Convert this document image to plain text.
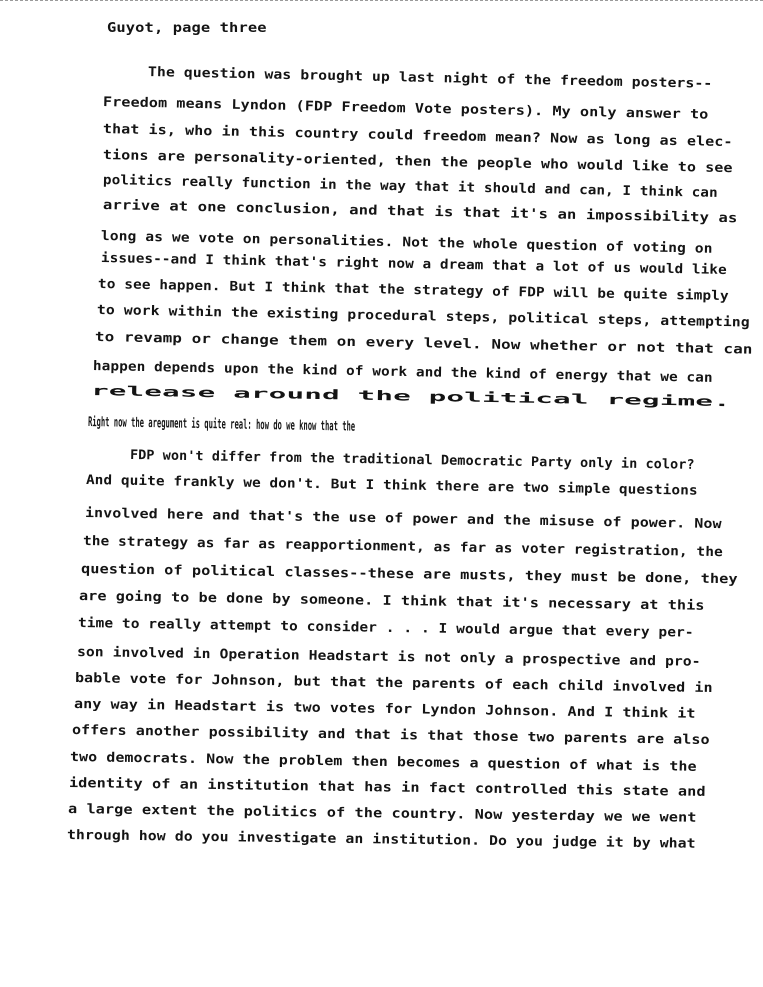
Guyot, page three
The question was brought up last night of the freedom posters--
Freedom means Lyndon (FDP Freedom Vote posters). My only answer to
that is, who in this country could freedom mean? Now as long as elec-
tions are personality-oriented, then the people who would like to see
politics really function in the way that it should and can, I think can
arrive at one conclusion, and that is that it's an impossibility as
long as we vote on personalities. Not the whole question of voting on
issues--and I think that's right now a dream that a lot of us would like
to see happen. But I think that the strategy of FDP will be quite simply
to work within the existing procedural steps, political steps, attempting
to revamp or change them on every level. Now whether or not that can
happen depends upon the kind of work and the kind of energy that we can
release around the political regime.
Right now the aregument is quite real: how do we know that the
FDP won't differ from the traditional Democratic Party only in color?
And quite frankly we don't. But I think there are two simple questions
involved here and that's the use of power and the misuse of power. Now
the strategy as far as reapportionment, as far as voter registration, the
question of political classes--these are musts, they must be done, they
are going to be done by someone. I think that it's necessary at this
time to really attempt to consider . . . I would argue that every per-
son involved in Operation Headstart is not only a prospective and pro-
bable vote for Johnson, but that the parents of each child involved in
any way in Headstart is two votes for Lyndon Johnson. And I think it
offers another possibility and that is that those two parents are also
two democrats. Now the problem then becomes a question of what is the
identity of an institution that has in fact controlled this state and
a large extent the politics of the country. Now yesterday we we went
through how do you investigate an institution. Do you judge it by what
